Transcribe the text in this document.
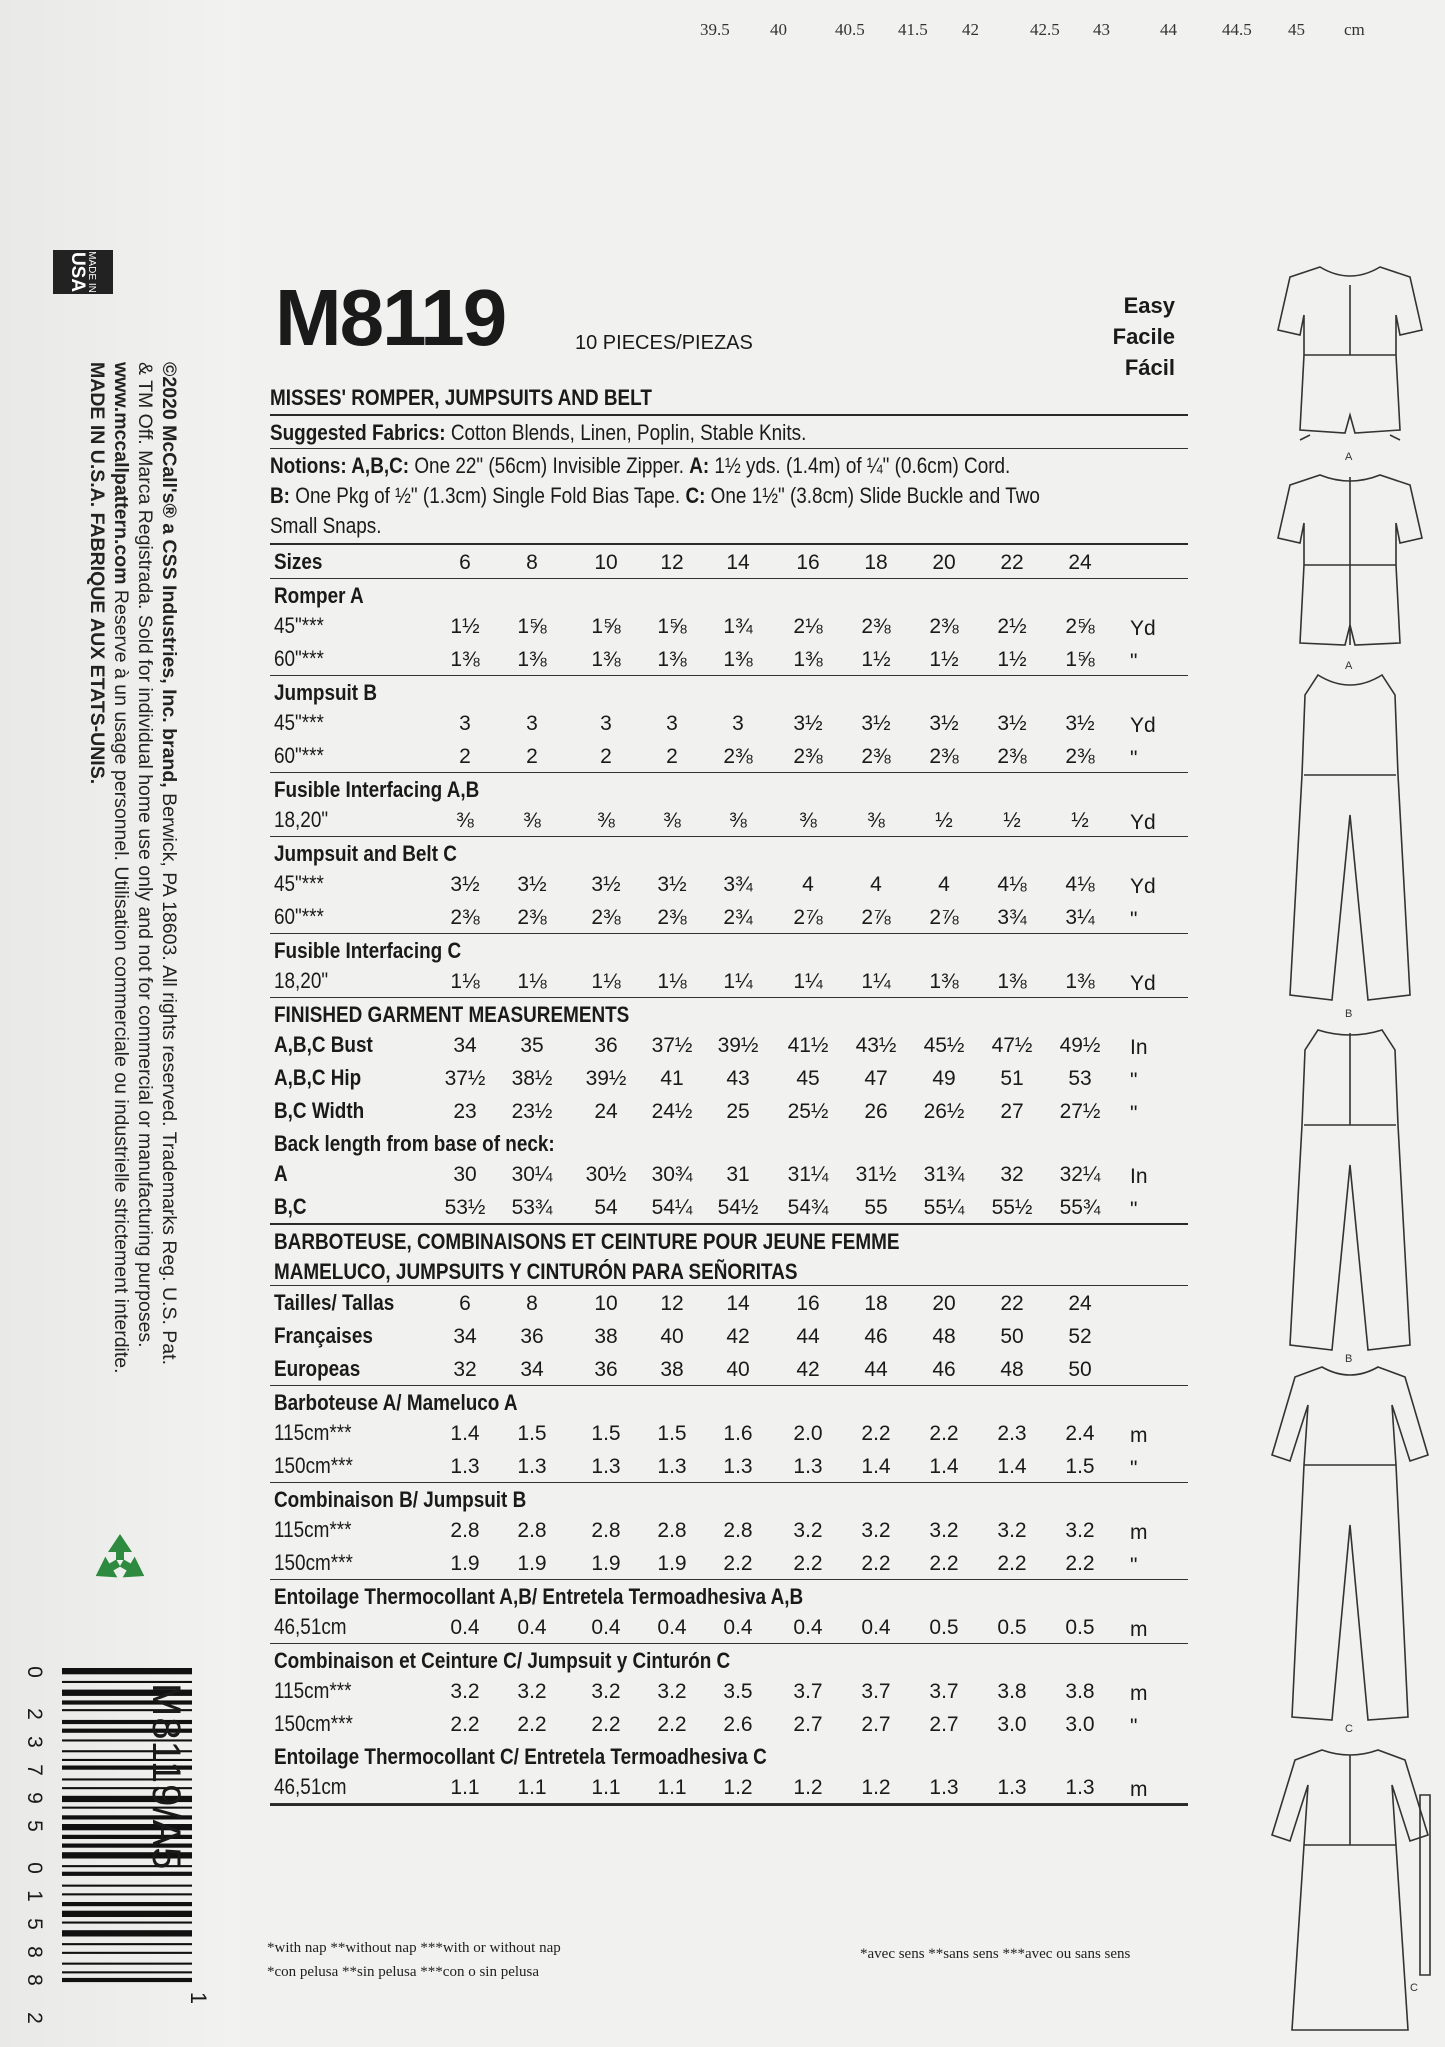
39.5 40	40.5 41.5 42	42.5 43	44	44.5 45 cm
MADE IN
USA
©2020 McCall's® a CSS Industries, Inc. brand, Berwick, PA 18603. All rights reserved. Trademarks Reg. U.S. Pat.
& TM Off. Marca Registrada. Sold for individual home use only and not for commercial or manufacturing purposes.
www.mccallpattern.com Reserve à un usage personnel. Utilisation commerciale ou industrielle strictement interdite.
MADE IN U.S.A. FABRIQUE AUX ETATS-UNIS.
0
2
3
7
9
5
0
1
5
8
8
2
M8119/A5
1
M8119	10 PIECES/PIEZAS
Easy
Facile
Fácil
MISSES' ROMPER, JUMPSUITS AND BELT
Suggested Fabrics: Cotton Blends, Linen, Poplin, Stable Knits.
Notions: A,B,C: One 22" (56cm) Invisible Zipper. A: 1½ yds. (1.4m) of ¼" (0.6cm) Cord.
B: One Pkg of ½" (1.3cm) Single Fold Bias Tape. C: One 1½" (3.8cm) Slide Buckle and Two
Small Snaps.
Sizes	6	8	10	12	14	16	18	20	22	24
Romper A
45"***	1½	1⅝	1⅝	1⅝	1¾	2⅛	2⅜	2⅜	2½	2⅝	Yd
60"***	1⅜	1⅜	1⅜	1⅜	1⅜	1⅜	1½	1½	1½	1⅝	"
Jumpsuit B
45"***	3	3	3	3	3	3½	3½	3½	3½	3½	Yd
60"***	2	2	2	2	2⅜	2⅜	2⅜	2⅜	2⅜	2⅜	"
Fusible Interfacing A,B
18,20"	⅜	⅜	⅜	⅜	⅜	⅜	⅜	½	½	½	Yd
Jumpsuit and Belt C
45"***	3½	3½	3½	3½	3¾	4	4	4	4⅛	4⅛	Yd
60"***	2⅜	2⅜	2⅜	2⅜	2¾	2⅞	2⅞	2⅞	3¾	3¼	"
Fusible Interfacing C
18,20"	1⅛	1⅛	1⅛	1⅛	1¼	1¼	1¼	1⅜	1⅜	1⅜	Yd
FINISHED GARMENT MEASUREMENTS
A,B,C Bust	34	35	36	37½	39½	41½	43½	45½	47½	49½	In
A,B,C Hip	37½	38½	39½	41	43	45	47	49	51	53	"
B,C Width	23	23½	24	24½	25	25½	26	26½	27	27½	"
Back length from base of neck:
A	30	30¼	30½	30¾	31	31¼	31½	31¾	32	32¼	In
B,C	53½	53¾	54	54¼	54½	54¾	55	55¼	55½	55¾	"
BARBOTEUSE, COMBINAISONS ET CEINTURE POUR JEUNE FEMME
MAMELUCO, JUMPSUITS Y CINTURÓN PARA SEÑORITAS
Tailles/ Tallas	6	8	10	12	14	16	18	20	22	24
Françaises	34	36	38	40	42	44	46	48	50	52
Europeas	32	34	36	38	40	42	44	46	48	50
Barboteuse A/ Mameluco A
115cm***	1.4	1.5	1.5	1.5	1.6	2.0	2.2	2.2	2.3	2.4	m
150cm***	1.3	1.3	1.3	1.3	1.3	1.3	1.4	1.4	1.4	1.5	"
Combinaison B/ Jumpsuit B
115cm***	2.8	2.8	2.8	2.8	2.8	3.2	3.2	3.2	3.2	3.2	m
150cm***	1.9	1.9	1.9	1.9	2.2	2.2	2.2	2.2	2.2	2.2	"
Entoilage Thermocollant A,B/ Entretela Termoadhesiva A,B
46,51cm	0.4	0.4	0.4	0.4	0.4	0.4	0.4	0.5	0.5	0.5	m
Combinaison et Ceinture C/ Jumpsuit y Cinturón C
115cm***	3.2	3.2	3.2	3.2	3.5	3.7	3.7	3.7	3.8	3.8	m
150cm***	2.2	2.2	2.2	2.2	2.6	2.7	2.7	2.7	3.0	3.0	"
Entoilage Thermocollant C/ Entretela Termoadhesiva C
46,51cm	1.1	1.1	1.1	1.1	1.2	1.2	1.2	1.3	1.3	1.3	m
*with nap **without nap ***with or without nap
*con pelusa **sin pelusa ***con o sin pelusa
*avec sens **sans sens ***avec ou sans sens
A
A
B
B
C
C
